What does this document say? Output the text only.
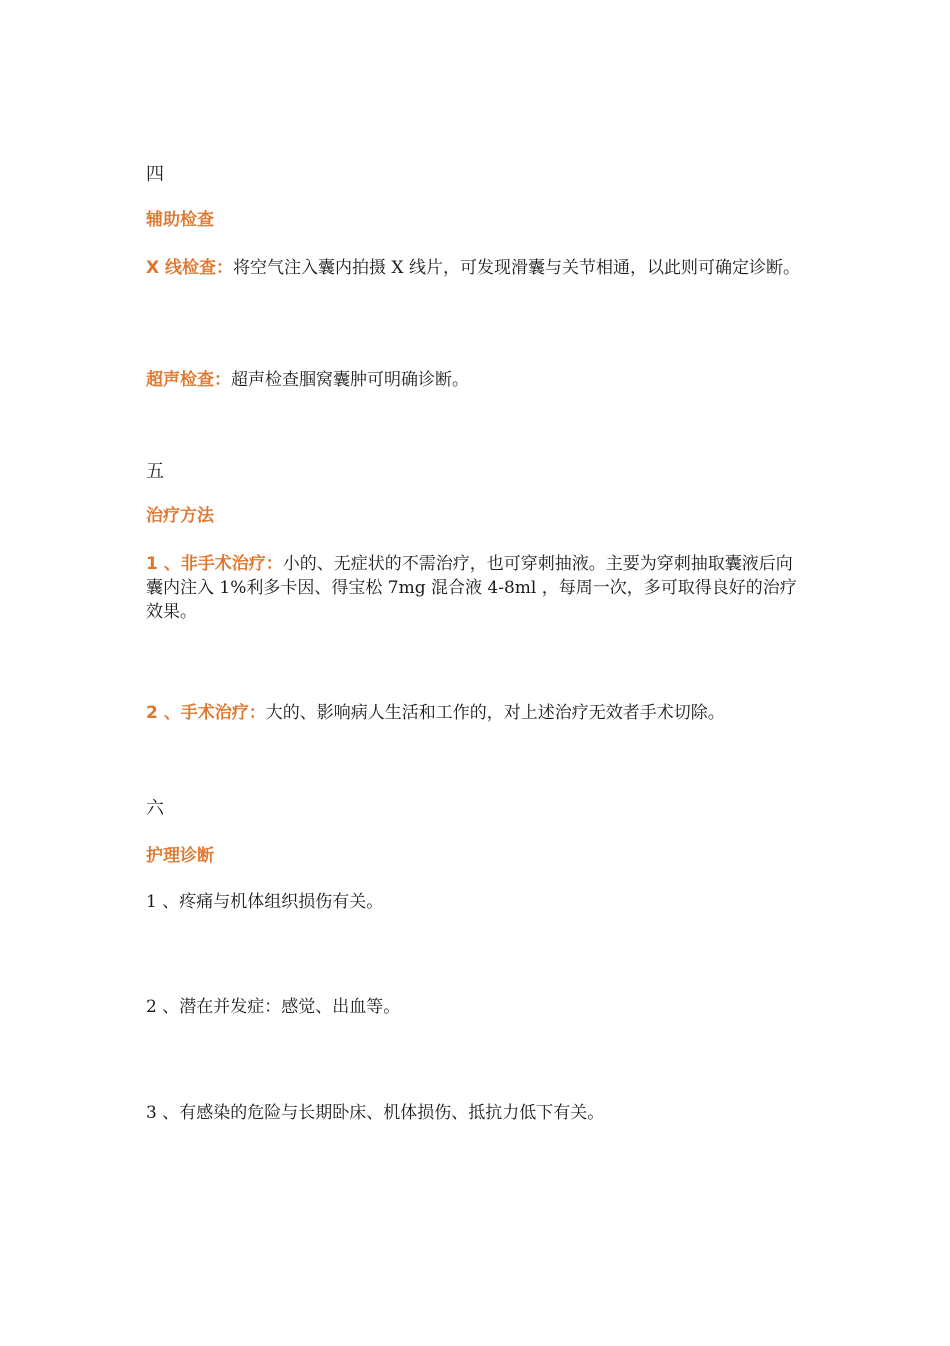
四

辅助检查

X 线检查：将空气注入囊内拍摄 X 线片，可发现滑囊与关节相通，以此则可确定诊断。

超声检查：超声检查腘窝囊肿可明确诊断。

五

治疗方法

1 、非手术治疗：小的、无症状的不需治疗，也可穿刺抽液。主要为穿刺抽取囊液后向囊内注入 1%利多卡因、得宝松 7mg 混合液 4-8ml ，每周一次，多可取得良好的治疗效果。

2 、手术治疗：大的、影响病人生活和工作的，对上述治疗无效者手术切除。

六

护理诊断

1 、疼痛与机体组织损伤有关。

2 、潜在并发症：感觉、出血等。

3 、有感染的危险与长期卧床、机体损伤、抵抗力低下有关。
